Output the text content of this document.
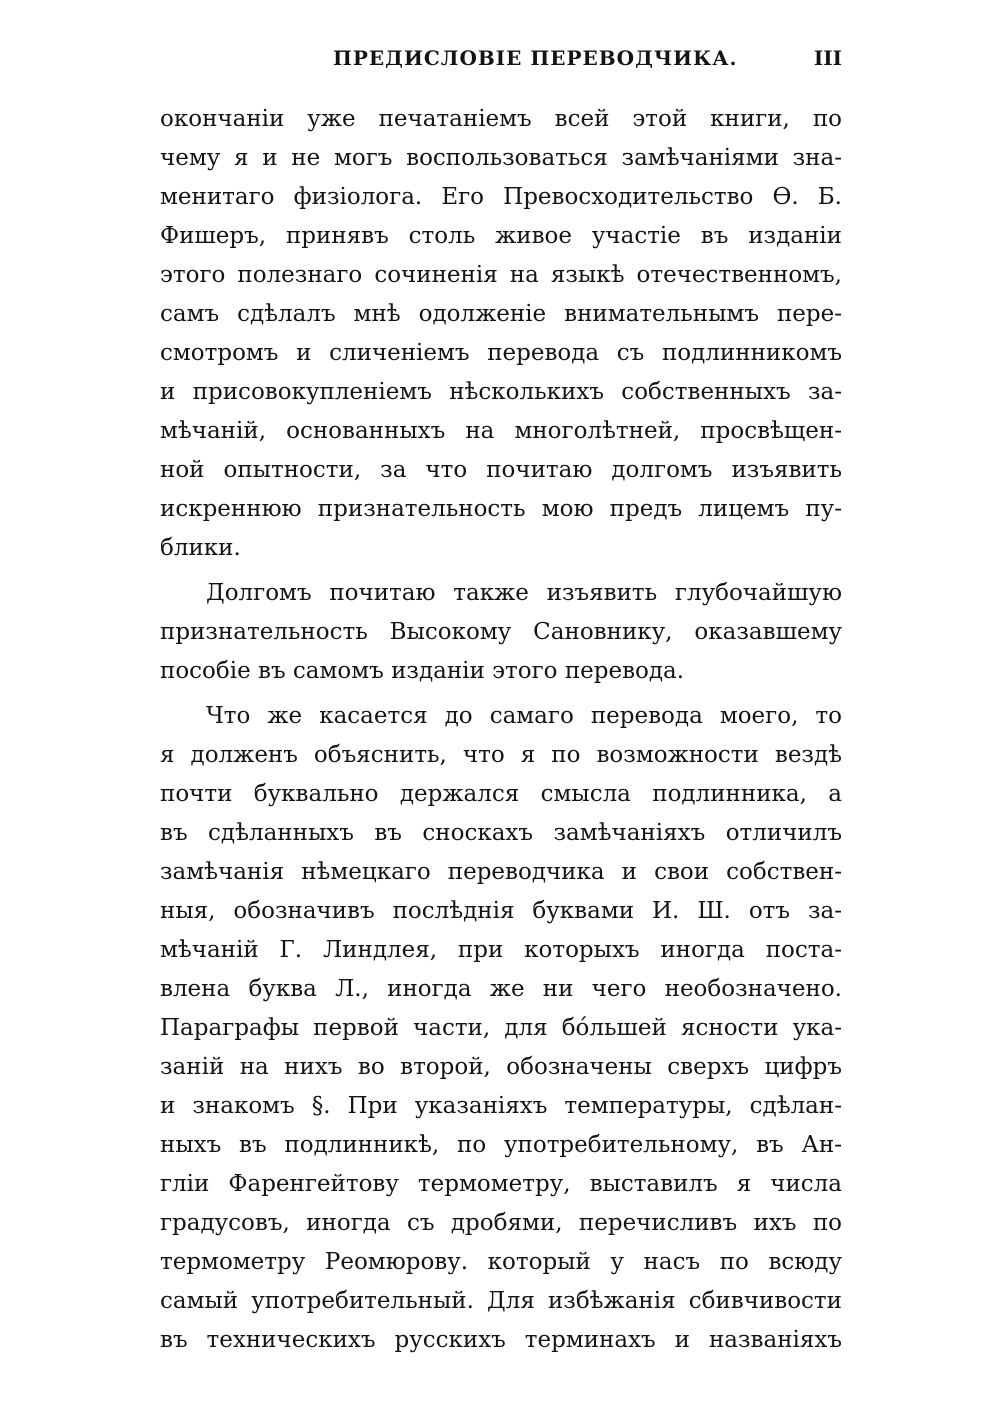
ПРЕДИСЛОВІЕ ПЕРЕВОДЧИКА.	III
окончаніи уже печатаніемъ всей этой книги, по
чему я и не могъ воспользоваться замѣчаніями зна-
менитаго физіолога. Его Превосходительство Ѳ. Б.
Фишеръ, принявъ столь живое участіе въ изданіи
этого полезнаго сочиненія на языкѣ отечественномъ,
самъ сдѣлалъ мнѣ одолженіе внимательнымъ пере-
смотромъ и сличеніемъ перевода съ подлинникомъ
и присовокупленіемъ нѣсколькихъ собственныхъ за-
мѣчаній, основанныхъ на многолѣтней, просвѣщен-
ной опытности, за что почитаю долгомъ изъявить
искреннюю признательность мою предъ лицемъ пу-
блики.
Долгомъ почитаю также изъявить глубочайшую
признательность Высокому Сановнику, оказавшему
пособіе въ самомъ изданіи этого перевода.
Что же касается до самаго перевода моего, то
я долженъ объяснить, что я по возможности вездѣ
почти буквально держался смысла подлинника, а
въ сдѣланныхъ въ сноскахъ замѣчаніяхъ отличилъ
замѣчанія нѣмецкаго переводчика и свои собствен-
ныя, обозначивъ послѣднія буквами И. Ш. отъ за-
мѣчаній Г. Линдлея, при которыхъ иногда поста-
влена буква Л., иногда же ни чего необозначено.
Параграфы первой части, для бóльшей ясности ука-
заній на нихъ во второй, обозначены сверхъ цифръ
и знакомъ §. При указаніяхъ температуры, сдѣлан-
ныхъ въ подлинникѣ, по употребительному, въ Ан-
гліи Фаренгейтову термометру, выставилъ я числа
градусовъ, иногда съ дробями, перечисливъ ихъ по
термометру Реомюрову. который у насъ по всюду
самый употребительный. Для избѣжанія сбивчивости
въ техническихъ русскихъ терминахъ и названіяхъ
